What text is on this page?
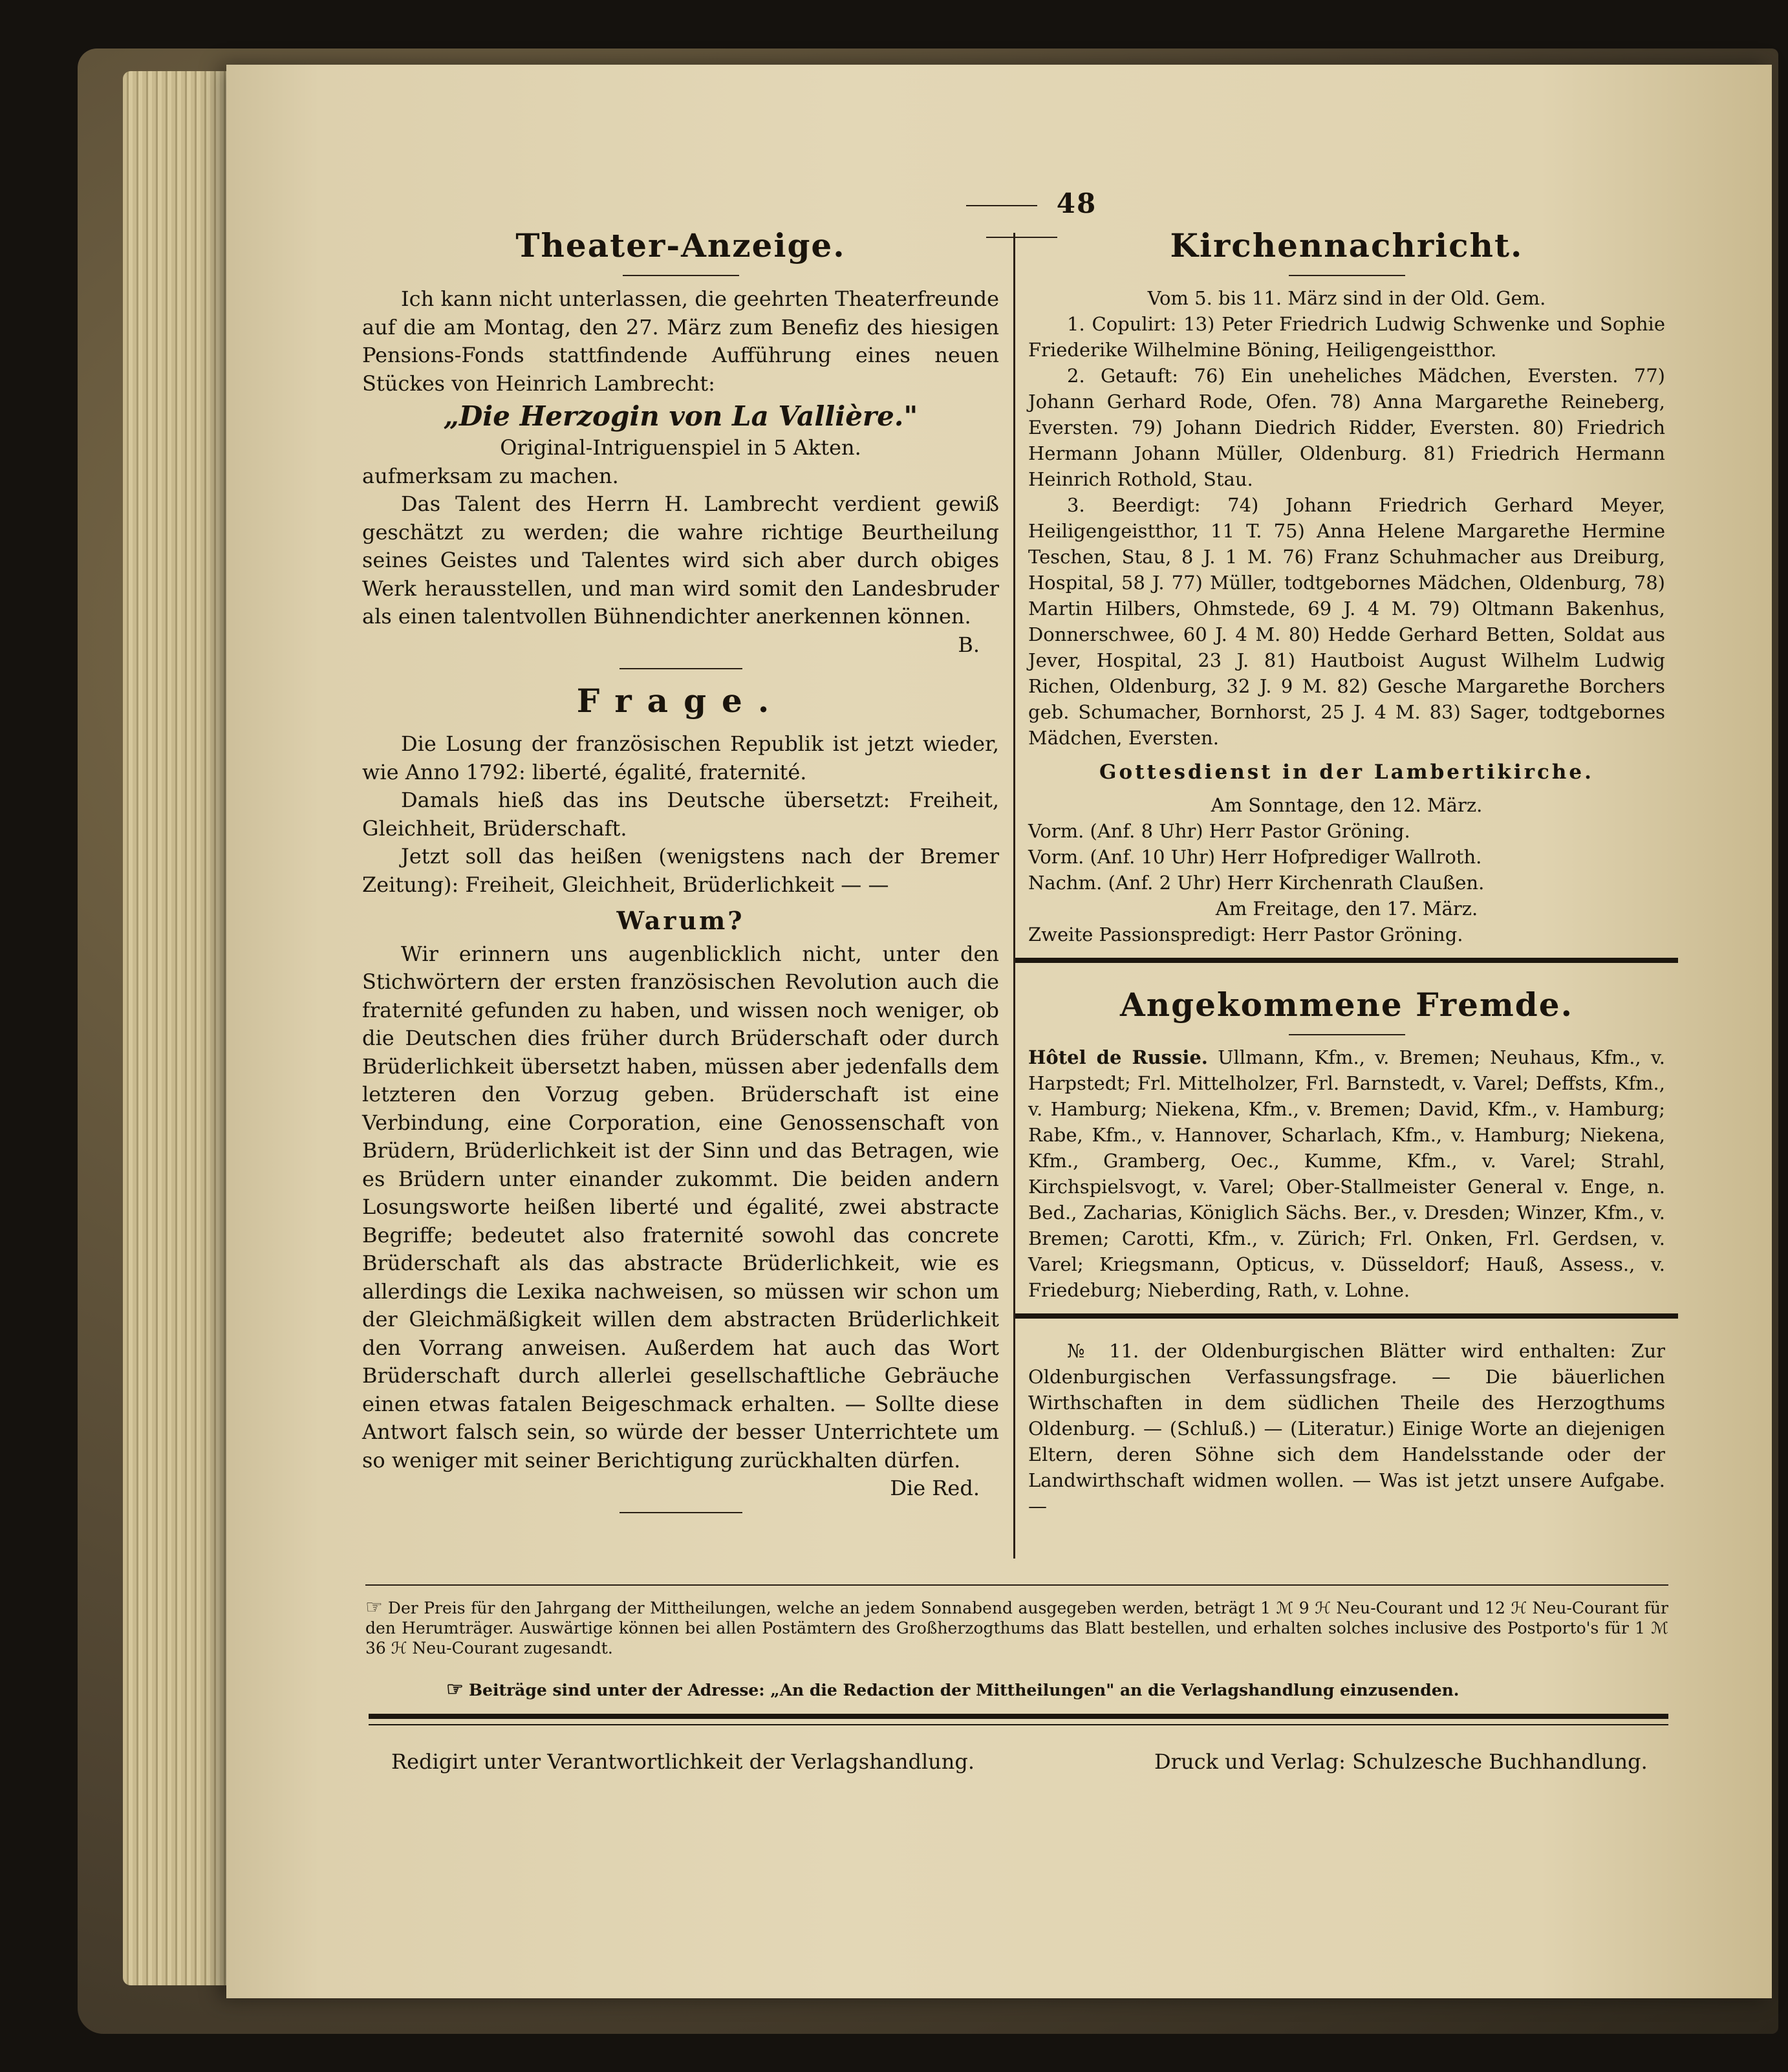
48
Theater-Anzeige.

Ich kann nicht unterlassen, die geehrten Theaterfreunde auf die am Montag, den 27. März zum Benefiz des hiesigen Pensions-Fonds stattfindende Aufführung eines neuen Stückes von Heinrich Lambrecht:

„Die Herzogin von La Vallière."

Original-Intriguenspiel in 5 Akten.

aufmerksam zu machen.

Das Talent des Herrn H. Lambrecht verdient gewiß geschätzt zu werden; die wahre richtige Beurtheilung seines Geistes und Talentes wird sich aber durch obiges Werk herausstellen, und man wird somit den Landesbruder als einen talentvollen Bühnendichter anerkennen können.

B.

Frage.

Die Losung der französischen Republik ist jetzt wieder, wie Anno 1792: liberté, égalité, fraternité.

Damals hieß das ins Deutsche übersetzt: Freiheit, Gleichheit, Brüderschaft.

Jetzt soll das heißen (wenigstens nach der Bremer Zeitung): Freiheit, Gleichheit, Brüderlichkeit — —

Warum?

Wir erinnern uns augenblicklich nicht, unter den Stichwörtern der ersten französischen Revolution auch die fraternité gefunden zu haben, und wissen noch weniger, ob die Deutschen dies früher durch Brüderschaft oder durch Brüderlichkeit übersetzt haben, müssen aber jedenfalls dem letzteren den Vorzug geben. Brüderschaft ist eine Verbindung, eine Corporation, eine Genossenschaft von Brüdern, Brüderlichkeit ist der Sinn und das Betragen, wie es Brüdern unter einander zukommt. Die beiden andern Losungsworte heißen liberté und égalité, zwei abstracte Begriffe; bedeutet also fraternité sowohl das concrete Brüderschaft als das abstracte Brüderlichkeit, wie es allerdings die Lexika nachweisen, so müssen wir schon um der Gleichmäßigkeit willen dem abstracten Brüderlichkeit den Vorrang anweisen. Außerdem hat auch das Wort Brüderschaft durch allerlei gesellschaftliche Gebräuche einen etwas fatalen Beigeschmack erhalten. — Sollte diese Antwort falsch sein, so würde der besser Unterrichtete um so weniger mit seiner Berichtigung zurückhalten dürfen.

Die Red.

Kirchennachricht.

Vom 5. bis 11. März sind in der Old. Gem.

1. Copulirt: 13) Peter Friedrich Ludwig Schwenke und Sophie Friederike Wilhelmine Böning, Heiligengeistthor.

2. Getauft: 76) Ein uneheliches Mädchen, Eversten. 77) Johann Gerhard Rode, Ofen. 78) Anna Margarethe Reineberg, Eversten. 79) Johann Diedrich Ridder, Eversten. 80) Friedrich Hermann Johann Müller, Oldenburg. 81) Friedrich Hermann Heinrich Rothold, Stau.

3. Beerdigt: 74) Johann Friedrich Gerhard Meyer, Heiligengeistthor, 11 T. 75) Anna Helene Margarethe Hermine Teschen, Stau, 8 J. 1 M. 76) Franz Schuhmacher aus Dreiburg, Hospital, 58 J. 77) Müller, todtgebornes Mädchen, Oldenburg, 78) Martin Hilbers, Ohmstede, 69 J. 4 M. 79) Oltmann Bakenhus, Donnerschwee, 60 J. 4 M. 80) Hedde Gerhard Betten, Soldat aus Jever, Hospital, 23 J. 81) Hautboist August Wilhelm Ludwig Richen, Oldenburg, 32 J. 9 M. 82) Gesche Margarethe Borchers geb. Schumacher, Bornhorst, 25 J. 4 M. 83) Sager, todtgebornes Mädchen, Eversten.

Gottesdienst in der Lambertikirche.

Am Sonntage, den 12. März.

Vorm. (Anf. 8 Uhr) Herr Pastor Gröning.

Vorm. (Anf. 10 Uhr) Herr Hofprediger Wallroth.

Nachm. (Anf. 2 Uhr) Herr Kirchenrath Claußen.

Am Freitage, den 17. März.

Zweite Passionspredigt: Herr Pastor Gröning.

Angekommene Fremde.

Hôtel de Russie. Ullmann, Kfm., v. Bremen; Neuhaus, Kfm., v. Harpstedt; Frl. Mittelholzer, Frl. Barnstedt, v. Varel; Deffsts, Kfm., v. Hamburg; Niekena, Kfm., v. Bremen; David, Kfm., v. Hamburg; Rabe, Kfm., v. Hannover, Scharlach, Kfm., v. Hamburg; Niekena, Kfm., Gramberg, Oec., Kumme, Kfm., v. Varel; Strahl, Kirchspielsvogt, v. Varel; Ober-Stallmeister General v. Enge, n. Bed., Zacharias, Königlich Sächs. Ber., v. Dresden; Winzer, Kfm., v. Bremen; Carotti, Kfm., v. Zürich; Frl. Onken, Frl. Gerdsen, v. Varel; Kriegsmann, Opticus, v. Düsseldorf; Hauß, Assess., v. Friedeburg; Nieberding, Rath, v. Lohne.

№ 11. der Oldenburgischen Blätter wird enthalten: Zur Oldenburgischen Verfassungsfrage. — Die bäuerlichen Wirthschaften in dem südlichen Theile des Herzogthums Oldenburg. — (Schluß.) — (Literatur.) Einige Worte an diejenigen Eltern, deren Söhne sich dem Handelsstande oder der Landwirthschaft widmen wollen. — Was ist jetzt unsere Aufgabe. —

☞ Der Preis für den Jahrgang der Mittheilungen, welche an jedem Sonnabend ausgegeben werden, beträgt 1 ℳ 9 ℋ Neu-Courant und 12 ℋ Neu-Courant für den Herumträger. Auswärtige können bei allen Postämtern des Großherzogthums das Blatt bestellen, und erhalten solches inclusive des Postporto's für 1 ℳ 36 ℋ Neu-Courant zugesandt.
☞ Beiträge sind unter der Adresse: „An die Redaction der Mittheilungen" an die Verlagshandlung einzusenden.
Redigirt unter Verantwortlichkeit der Verlagshandlung.	Druck und Verlag: Schulzesche Buchhandlung.
